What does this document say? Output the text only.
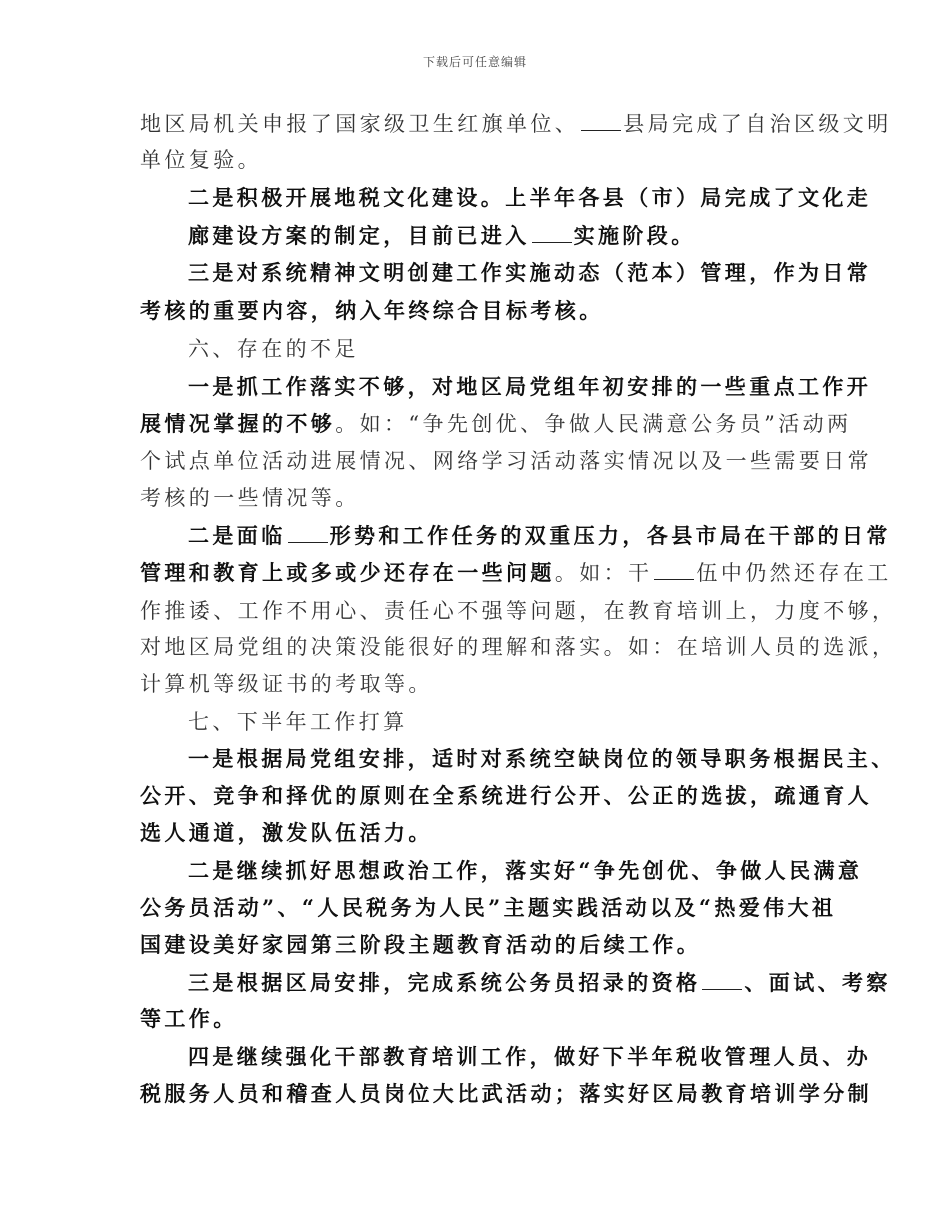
下载后可任意编辑
地区局机关申报了国家级卫生红旗单位、 县局完成了自治区级文明
单位复验。
二是积极开展地税文化建设。上半年各县（市）局完成了文化走
廊建设方案的制定，目前已进入 实施阶段。
三是对系统精神文明创建工作实施动态（范本）管理，作为日常
考核的重要内容，纳入年终综合目标考核。
六、存在的不足
一是抓工作落实不够，对地区局党组年初安排的一些重点工作开
展情况掌握的不够。如：“争先创优、争做人民满意公务员”活动两
个试点单位活动进展情况、网络学习活动落实情况以及一些需要日常
考核的一些情况等。
二是面临 形势和工作任务的双重压力，各县市局在干部的日常
管理和教育上或多或少还存在一些问题。如：干 伍中仍然还存在工
作推诿、工作不用心、责任心不强等问题，在教育培训上，力度不够，
对地区局党组的决策没能很好的理解和落实。如：在培训人员的选派，
计算机等级证书的考取等。
七、下半年工作打算
一是根据局党组安排，适时对系统空缺岗位的领导职务根据民主、
公开、竞争和择优的原则在全系统进行公开、公正的选拔，疏通育人
选人通道，激发队伍活力。
二是继续抓好思想政治工作，落实好“争先创优、争做人民满意
公务员活动”、“人民税务为人民”主题实践活动以及“热爱伟大祖
国建设美好家园第三阶段主题教育活动的后续工作。
三是根据区局安排，完成系统公务员招录的资格 、面试、考察
等工作。
四是继续强化干部教育培训工作，做好下半年税收管理人员、办
税服务人员和稽查人员岗位大比武活动；落实好区局教育培训学分制
